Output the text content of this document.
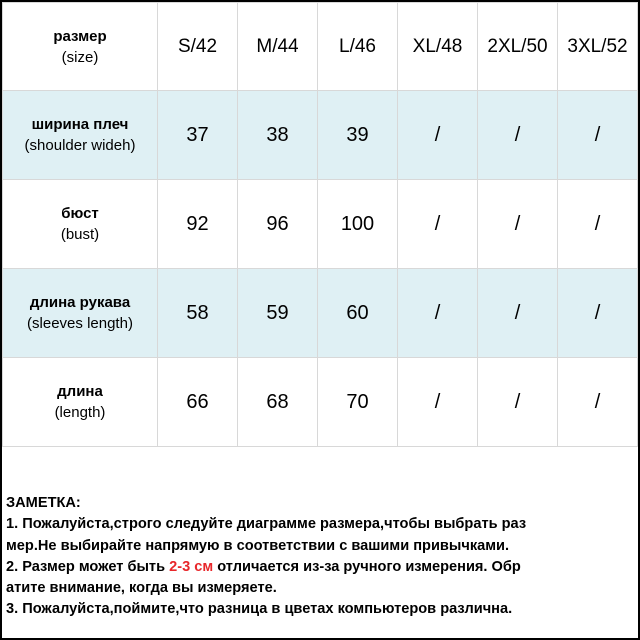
размер
(size)	S/42	M/44	L/46	XL/48	2XL/50	3XL/52

ширина плеч
(shoulder wideh)	37	38	39	/	/	/

бюст
(bust)	92	96	100	/	/	/

длина рукава
(sleeves length)	58	59	60	/	/	/

длина
(length)	66	68	70	/	/	/
ЗАМЕТКА:
1. Пожалуйста,строго следуйте диаграмме размера,чтобы выбрать раз
мер.Не выбирайте напрямую в соответствии с вашими привычками.
2. Размер может быть 2-3 см отличается из-за ручного измерения. Обр
атите внимание, когда вы измеряете.
3. Пожалуйста,поймите,что разница в цветах компьютеров различна.
